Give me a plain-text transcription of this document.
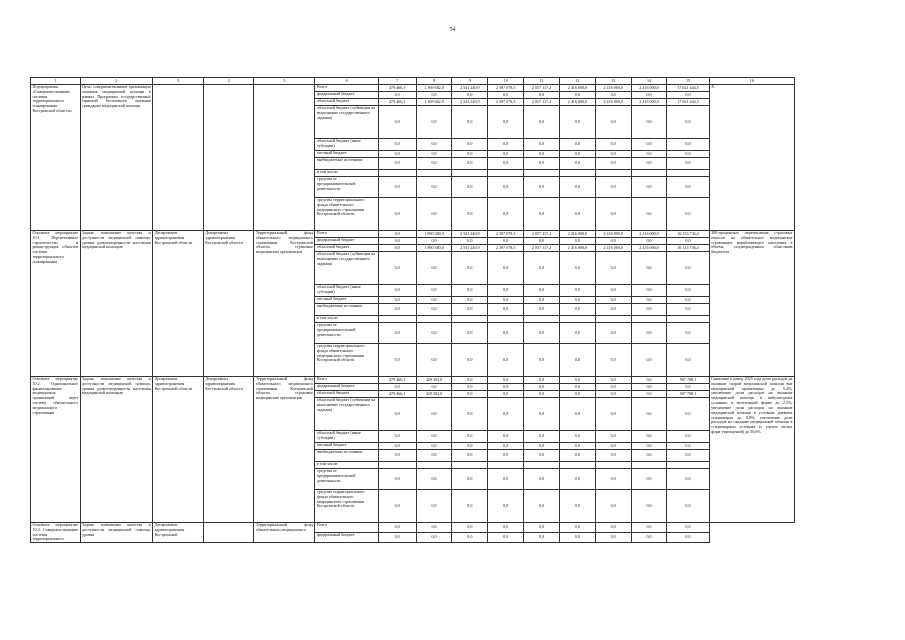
54
1	2	3	4	5	6	7	8	9	10	11	12	13	14	15	16
Подпрограмма «Совершенствование системы территориального планирования Костромской области»	Цель: совершенствование организации оказания медицинской помощи в рамках Программы государственных гарантий бесплатного оказания гражданам медицинской помощи				Всего	479 466,1	2 369 682,0	2 541 240,9	2 397 078,3	2 057 117,2	2 416 000,0	2 416 000,0	2 416 000,0	17 021 444,5	Х
					федеральный бюджет	0,0	0,0	0,0	0,0	0,0	0,0	0,0	0,0	0,0	
					областной бюджет	479 466,1	2 369 682,0	2 541 240,9	2 397 078,3	2 057 117,2	2 416 000,0	2 416 000,0	2 416 000,0	17 021 444,5	
					областной бюджет (субвенции на выполнение государственного задания)	0,0	0,0	0,0	0,0	0,0	0,0	0,0	0,0	0,0	
					областной бюджет (иные субсидии)	0,0	0,0	0,0	0,0	0,0	0,0	0,0	0,0	0,0	
					местный бюджет	0,0	0,0	0,0	0,0	0,0	0,0	0,0	0,0	0,0	
					внебюджетные источники	0,0	0,0	0,0	0,0	0,0	0,0	0,0	0,0	0,0	
					в том числе:										
					средства от предпринимательской деятельности	0,0	0,0	0,0	0,0	0,0	0,0	0,0	0,0	0,0	
					средства территориального фонда обязательного медицинского страхования Костромской области	0,0	0,0	0,0	0,0	0,0	0,0	0,0	0,0	0,0	
Основное мероприятие 10.1. Перспективное строительство и реконструкция объектов системы территориального планирования	Задача: повышение качества и доступности медицинской помощи, уровня удовлетворенности населения медицинской помощью	Департамент здравоохранения Костромской области	Департамент здравоохранения Костромской области	Территориальный фонд обязательного медицинского страхования Костромской области, страховые медицинские организации	Всего	0,0	1 890 380,0	2 541 240,9	2 397 078,3	2 057 117,2	2 416 000,0	2 416 000,0	2 416 000,0	16 133 736,4	100-процентное перечисление страховых взносов на обязательное медицинское страхование неработающего населения в объеме, подтвержденном областным бюджетом
					федеральный бюджет	0,0	0,0	0,0	0,0	0,0	0,0	0,0	0,0	0,0	
					областной бюджет	0,0	1 890 380,0	2 541 240,9	2 397 078,3	2 057 117,2	2 416 000,0	2 416 000,0	2 416 000,0	16 133 736,4	
					областной бюджет (субвенции на выполнение государственного задания)	0,0	0,0	0,0	0,0	0,0	0,0	0,0	0,0	0,0	
					областной бюджет (иные субсидии)	0,0	0,0	0,0	0,0	0,0	0,0	0,0	0,0	0,0	
					местный бюджет	0,0	0,0	0,0	0,0	0,0	0,0	0,0	0,0	0,0	
					внебюджетные источники	0,0	0,0	0,0	0,0	0,0	0,0	0,0	0,0	0,0	
					в том числе:										
					средства от предпринимательской деятельности	0,0	0,0	0,0	0,0	0,0	0,0	0,0	0,0	0,0	
					средства территориального фонда обязательного медицинского страхования Костромской области	0,0	0,0	0,0	0,0	0,0	0,0	0,0	0,0	0,0	
Основное мероприятие 10.2. Одноканальное финансирование медицинских организаций через систему обязательного медицинского страхования	Задача: повышение качества и доступности медицинской помощи, уровня удовлетворенности населения медицинской помощью	Департамент здравоохранения Костромской области	Департамент здравоохранения Костромской области	Территориальный фонд обязательного медицинского страхования Костромской области, страховые медицинские организации	Всего	479 466,1	429 302,0	0,0	0,0	0,0	0,0	0,0	0,0	907 708,1	Снижение к концу 2025 года доли расходов на оказание скорой медицинской помощи вне медицинской организации до 5,4%; увеличение доли расходов на оказание медицинской помощи в амбулаторных условиях, в неотложной форме до 2,5%; увеличение доли расходов на оказание медицинской помощи в условиях дневных стационаров до 8,8%; увеличение доли расходов на оказание медицинской помощи в стационарных условиях (с учетом малых форм учреждений) до 50,6%
					федеральный бюджет	0,0	0,0	0,0	0,0	0,0	0,0	0,0	0,0	0,0	
					областной бюджет	479 466,1	429 302,0	0,0	0,0	0,0	0,0	0,0	0,0	907 708,1	
					областной бюджет (субвенции на выполнение государственного задания)	0,0	0,0	0,0	0,0	0,0	0,0	0,0	0,0	0,0	
					областной бюджет (иные субсидии)	0,0	0,0	0,0	0,0	0,0	0,0	0,0	0,0	0,0	
					местный бюджет	0,0	0,0	0,0	0,0	0,0	0,0	0,0	0,0	0,0	
					внебюджетные источники	0,0	0,0	0,0	0,0	0,0	0,0	0,0	0,0	0,0	
					в том числе:										
					средства от предпринимательской деятельности	0,0	0,0	0,0	0,0	0,0	0,0	0,0	0,0	0,0	
					средства территориального фонда обязательного медицинского страхования Костромской области	0,0	0,0	0,0	0,0	0,0	0,0	0,0	0,0	0,0	
Основное мероприятие 10.3. Совершенствование системы территориального	Задача: повышение качества и доступности медицинской помощи, уровня	Департамент здравоохранения Костромской		Территориальный фонд обязательного медицинского	Всего	0,0	0,0	0,0	0,0	0,0	0,0	0,0	0,0	0,0	
					федеральный бюджет	0,0	0,0	0,0	0,0	0,0	0,0	0,0	0,0	0,0	
